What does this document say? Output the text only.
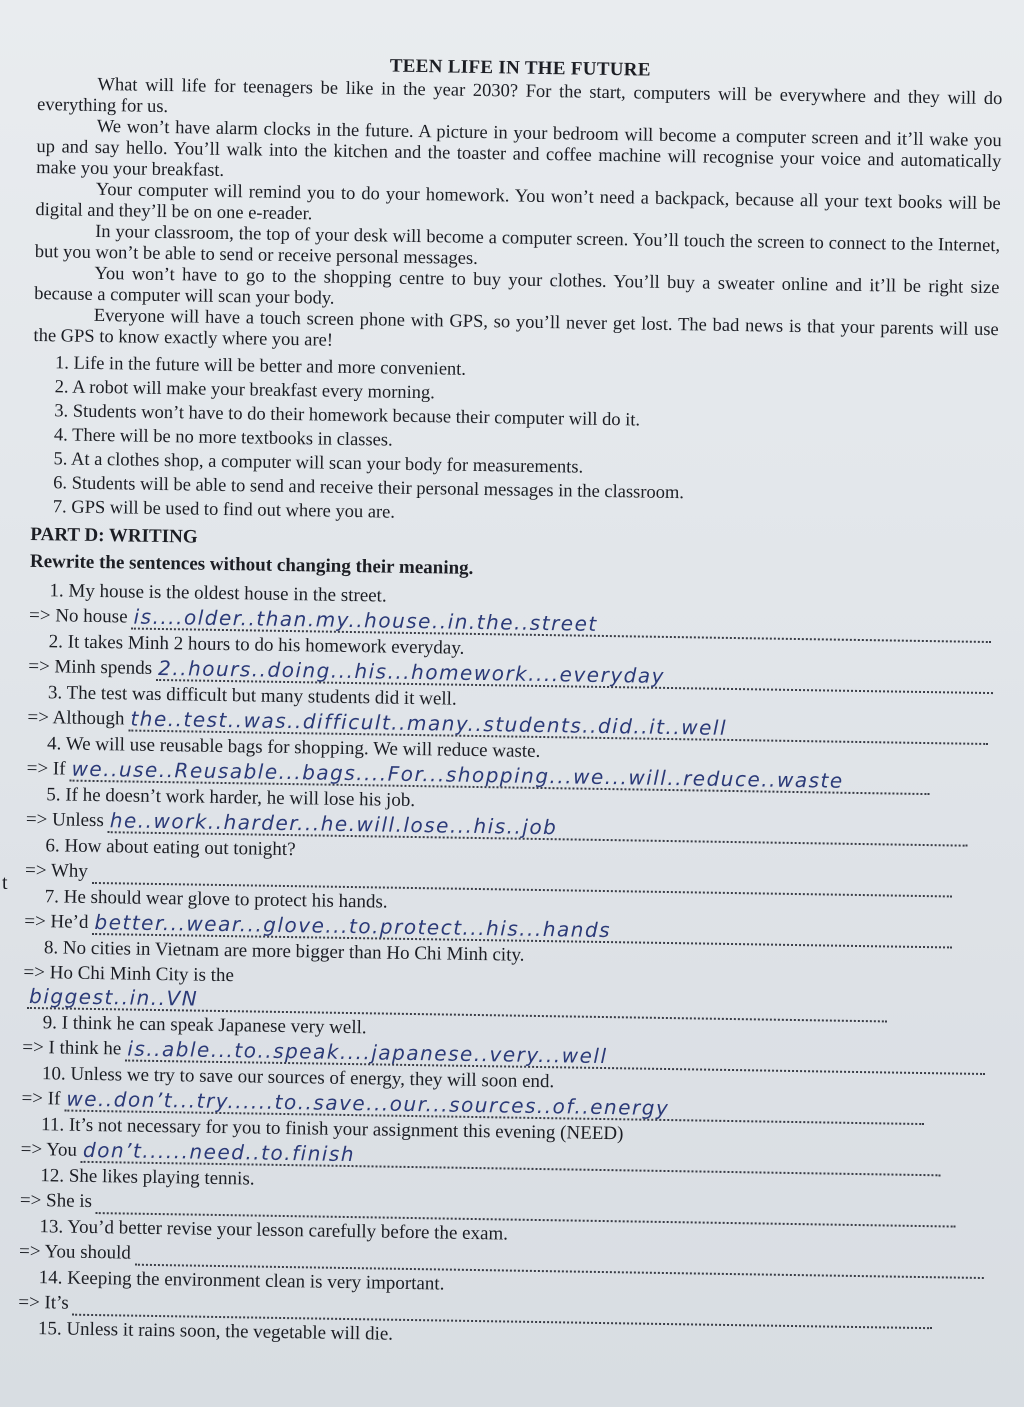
t
TEEN LIFE IN THE FUTURE

What will life for teenagers be like in the year 2030? For the start, computers will be everywhere and they will do everything for us.

We won’t have alarm clocks in the future. A picture in your bedroom will become a computer screen and it’ll wake you up and say hello. You’ll walk into the kitchen and the toaster and coffee machine will recognise your voice and automatically make you your breakfast.

Your computer will remind you to do your homework. You won’t need a backpack, because all your text books will be digital and they’ll be on one e-reader.

In your classroom, the top of your desk will become a computer screen. You’ll touch the screen to connect to the Internet, but you won’t be able to send or receive personal messages.

You won’t have to go to the shopping centre to buy your clothes. You’ll buy a sweater online and it’ll be right size because a computer will scan your body.

Everyone will have a touch screen phone with GPS, so you’ll never get lost. The bad news is that your parents will use the GPS to know exactly where you are!

1. Life in the future will be better and more convenient.
2. A robot will make your breakfast every morning.
3. Students won’t have to do their homework because their computer will do it.
4. There will be no more textbooks in classes.
5. At a clothes shop, a computer will scan your body for measurements.
6. Students will be able to send and receive their personal messages in the classroom.
7. GPS will be used to find out where you are.
PART D: WRITING
Rewrite the sentences without changing their meaning.
1. My house is the oldest house in the street.
=> No house is....older..than.my..house..in.the..street
2. It takes Minh 2 hours to do his homework everyday.
=> Minh spends 2..hours..doing...his...homework....everyday
3. The test was difficult but many students did it well.
=> Although the..test..was..difficult..many..students..did..it..well
4. We will use reusable bags for shopping. We will reduce waste.
=> If we..use..Reusable...bags....For...shopping...we...will..reduce..waste
5. If he doesn’t work harder, he will lose his job.
=> Unless he..work..harder...he.will.lose...his..job
6. How about eating out tonight?
=> Why
7. He should wear glove to protect his hands.
=> He’d better...wear...glove...to.protect...his...hands
8. No cities in Vietnam are more bigger than Ho Chi Minh city.
=> Ho Chi Minh City is the
biggest..in..VN
9. I think he can speak Japanese very well.
=> I think he is..able...to..speak....japanese..very...well
10. Unless we try to save our sources of energy, they will soon end.
=> If we..don’t...try......to..save...our...sources..of..energy
11. It’s not necessary for you to finish your assignment this evening (NEED)
=> You don’t......need..to.finish
12. She likes playing tennis.
=> She is
13. You’d better revise your lesson carefully before the exam.
=> You should
14. Keeping the environment clean is very important.
=> It’s
15. Unless it rains soon, the vegetable will die.
